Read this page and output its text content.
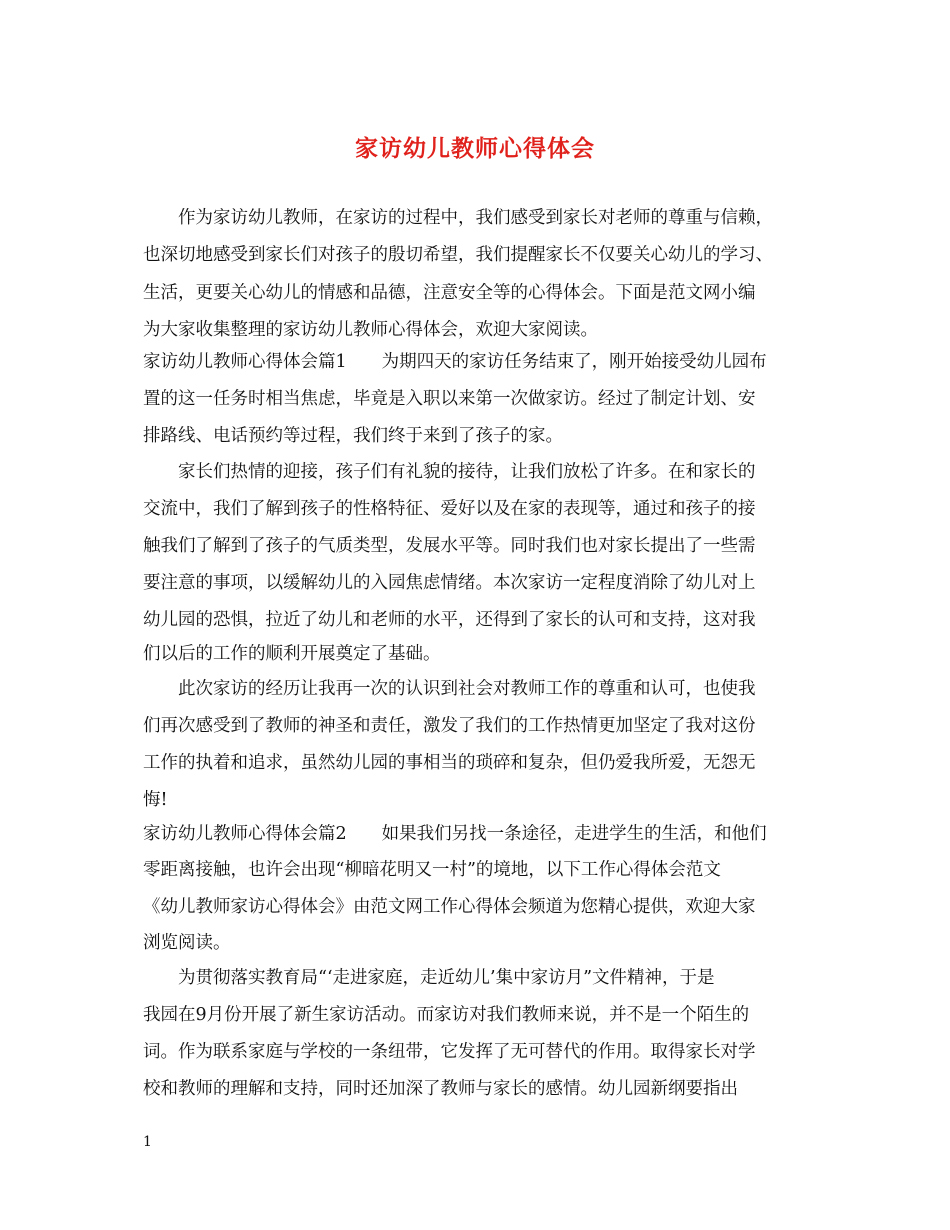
家访幼儿教师心得体会
　　作为家访幼儿教师，在家访的过程中，我们感受到家长对老师的尊重与信赖，
也深切地感受到家长们对孩子的殷切希望，我们提醒家长不仅要关心幼儿的学习、
生活，更要关心幼儿的情感和品德，注意安全等的心得体会。下面是范文网小编
为大家收集整理的家访幼儿教师心得体会，欢迎大家阅读。
家访幼儿教师心得体会篇1　　为期四天的家访任务结束了，刚开始接受幼儿园布
置的这一任务时相当焦虑，毕竟是入职以来第一次做家访。经过了制定计划、安
排路线、电话预约等过程，我们终于来到了孩子的家。
　　家长们热情的迎接，孩子们有礼貌的接待，让我们放松了许多。在和家长的
交流中，我们了解到孩子的性格特征、爱好以及在家的表现等，通过和孩子的接
触我们了解到了孩子的气质类型，发展水平等。同时我们也对家长提出了一些需
要注意的事项，以缓解幼儿的入园焦虑情绪。本次家访一定程度消除了幼儿对上
幼儿园的恐惧，拉近了幼儿和老师的水平，还得到了家长的认可和支持，这对我
们以后的工作的顺利开展奠定了基础。
　　此次家访的经历让我再一次的认识到社会对教师工作的尊重和认可，也使我
们再次感受到了教师的神圣和责任，激发了我们的工作热情更加坚定了我对这份
工作的执着和追求，虽然幼儿园的事相当的琐碎和复杂，但仍爱我所爱，无怨无
悔!
家访幼儿教师心得体会篇2　　如果我们另找一条途径，走进学生的生活，和他们
零距离接触，也许会出现“柳暗花明又一村”的境地，以下工作心得体会范文
《幼儿教师家访心得体会》由范文网工作心得体会频道为您精心提供，欢迎大家
浏览阅读。
　　为贯彻落实教育局“‘走进家庭，走近幼儿’集中家访月”文件精神，于是
我园在9月份开展了新生家访活动。而家访对我们教师来说，并不是一个陌生的
词。作为联系家庭与学校的一条纽带，它发挥了无可替代的作用。取得家长对学
校和教师的理解和支持，同时还加深了教师与家长的感情。幼儿园新纲要指出
1
